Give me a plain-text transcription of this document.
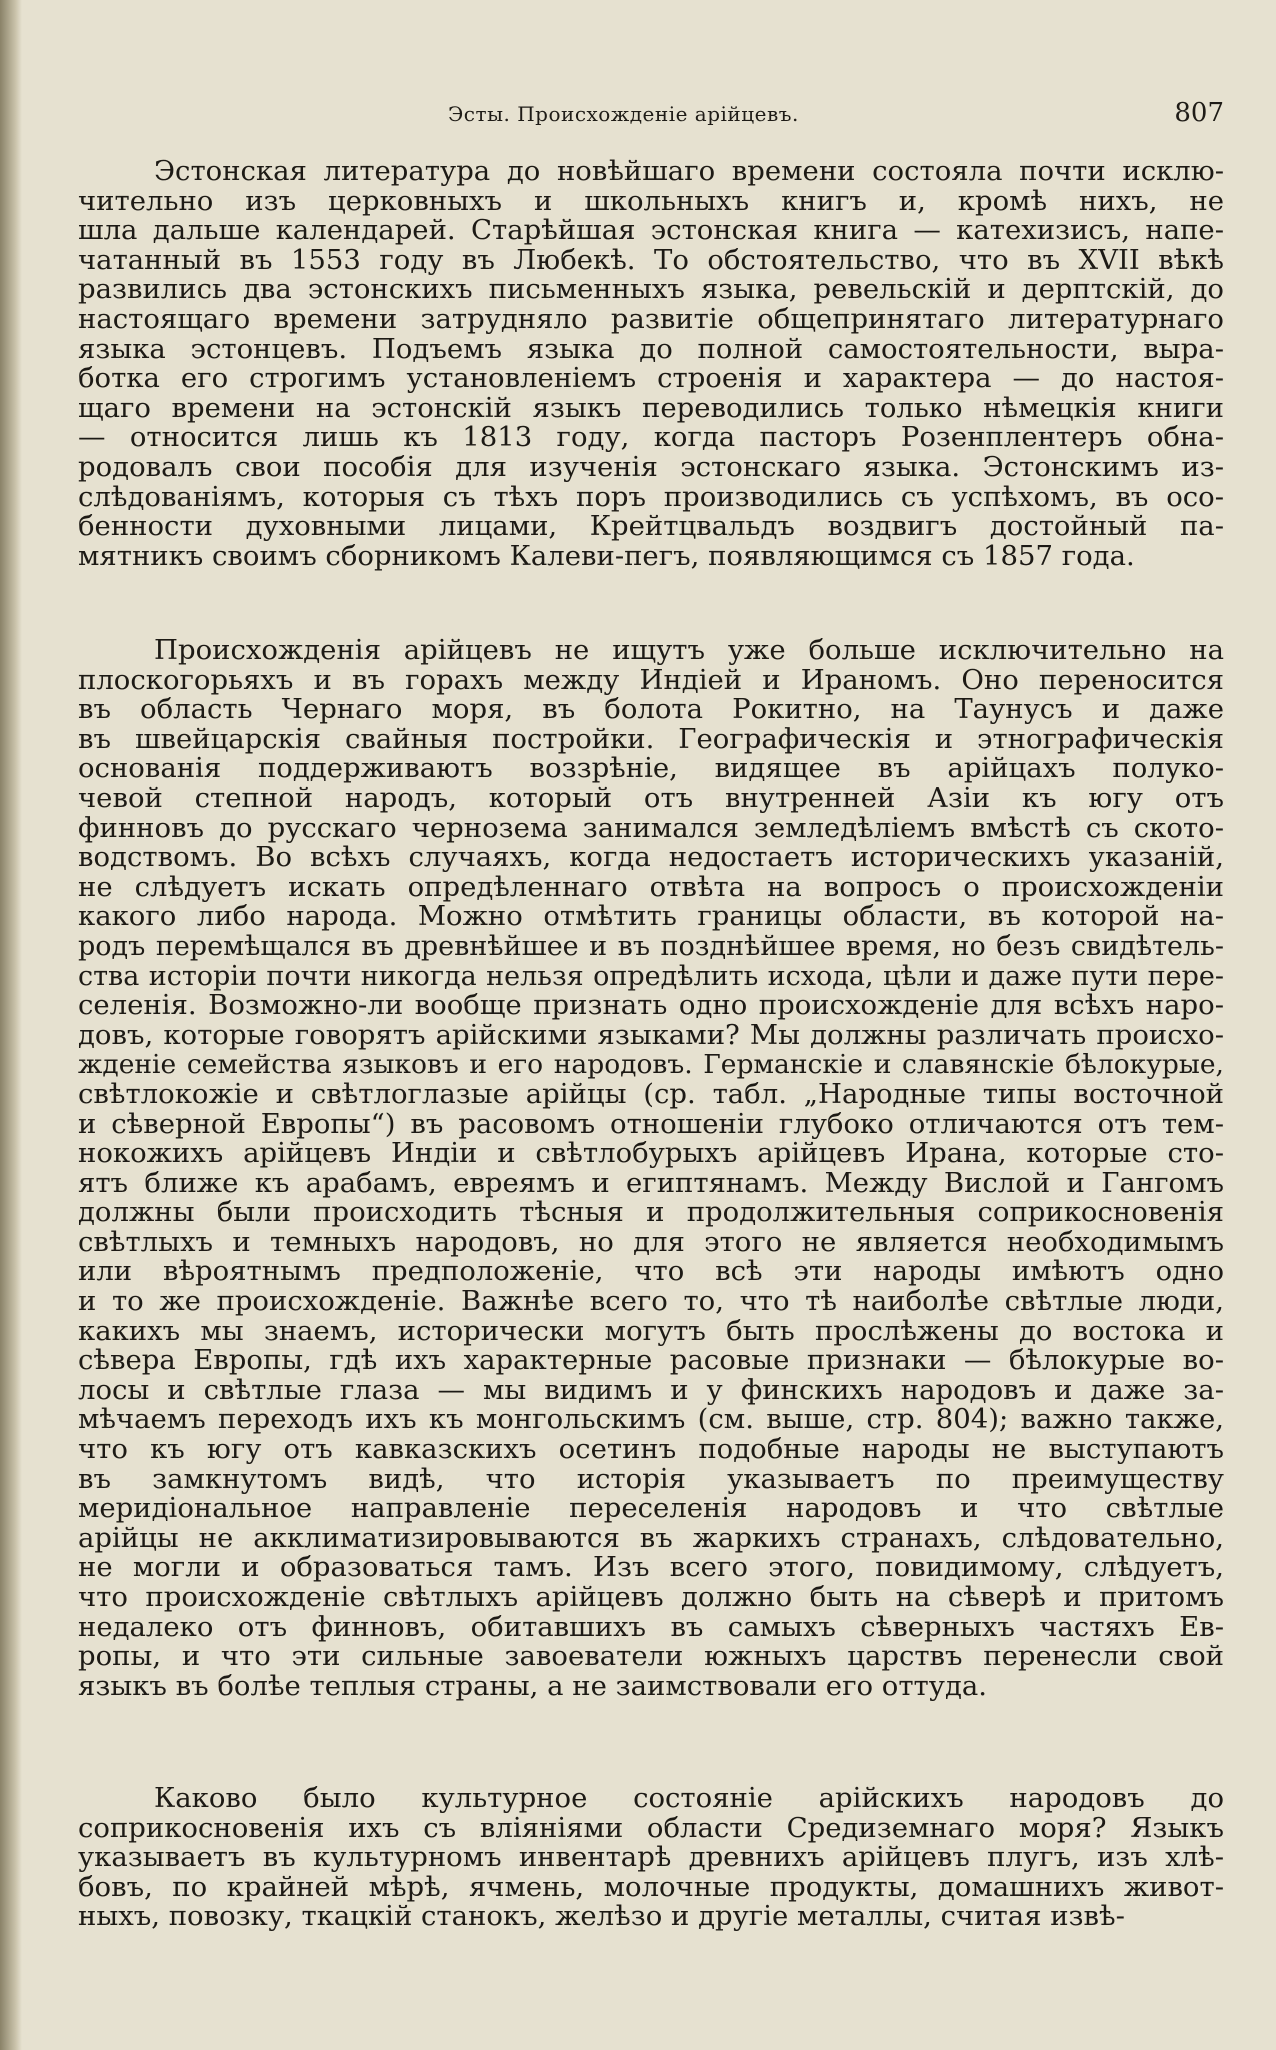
Эсты. Происхожденіе арійцевъ.	807
Эстонская литература до новѣйшаго времени состояла почти исклю-
чительно изъ церковныхъ и школьныхъ книгъ и, кромѣ нихъ, не
шла дальше календарей. Старѣйшая эстонская книга — катехизисъ, напе-
чатанный въ 1553 году въ Любекѣ. То обстоятельство, что въ XVII вѣкѣ
развились два эстонскихъ письменныхъ языка, ревельскій и дерптскій, до
настоящаго времени затрудняло развитіе общепринятаго литературнаго
языка эстонцевъ. Подъемъ языка до полной самостоятельности, выра-
ботка его строгимъ установленіемъ строенія и характера — до настоя-
щаго времени на эстонскій языкъ переводились только нѣмецкія книги
— относится лишь къ 1813 году, когда пасторъ Розенплентеръ обна-
родовалъ свои пособія для изученія эстонскаго языка. Эстонскимъ из-
слѣдованіямъ, которыя съ тѣхъ поръ производились съ успѣхомъ, въ осо-
бенности духовными лицами, Крейтцвальдъ воздвигъ достойный па-
мятникъ своимъ сборникомъ Калеви-пегъ, появляющимся съ 1857 года.
Происхожденія арійцевъ не ищутъ уже больше исключительно на
плоскогорьяхъ и въ горахъ между Индіей и Ираномъ. Оно переносится
въ область Чернаго моря, въ болота Рокитно, на Таунусъ и даже
въ швейцарскія свайныя постройки. Географическія и этнографическія
основанія поддерживаютъ воззрѣніе, видящее въ арійцахъ полуко-
чевой степной народъ, который отъ внутренней Азіи къ югу отъ
финновъ до русскаго чернозема занимался земледѣліемъ вмѣстѣ съ ското-
водствомъ. Во всѣхъ случаяхъ, когда недостаетъ историческихъ указаній,
не слѣдуетъ искать опредѣленнаго отвѣта на вопросъ о происхожденіи
какого либо народа. Можно отмѣтить границы области, въ которой на-
родъ перемѣщался въ древнѣйшее и въ позднѣйшее время, но безъ свидѣтель-
ства исторіи почти никогда нельзя опредѣлить исхода, цѣли и даже пути пере-
селенія. Возможно-ли вообще признать одно происхожденіе для всѣхъ наро-
довъ, которые говорятъ арійскими языками? Мы должны различать происхо-
жденіе семейства языковъ и его народовъ. Германскіе и славянскіе бѣлокурые,
свѣтлокожіе и свѣтлоглазые арійцы (ср. табл. „Народные типы восточной
и сѣверной Европы“) въ расовомъ отношеніи глубоко отличаются отъ тем-
нокожихъ арійцевъ Индіи и свѣтлобурыхъ арійцевъ Ирана, которые сто-
ятъ ближе къ арабамъ, евреямъ и египтянамъ. Между Вислой и Гангомъ
должны были происходить тѣсныя и продолжительныя соприкосновенія
свѣтлыхъ и темныхъ народовъ, но для этого не является необходимымъ
или вѣроятнымъ предположеніе, что всѣ эти народы имѣютъ одно
и то же происхожденіе. Важнѣе всего то, что тѣ наиболѣе свѣтлые люди,
какихъ мы знаемъ, исторически могутъ быть прослѣжены до востока и
сѣвера Европы, гдѣ ихъ характерные расовые признаки — бѣлокурые во-
лосы и свѣтлые глаза — мы видимъ и у финскихъ народовъ и даже за-
мѣчаемъ переходъ ихъ къ монгольскимъ (см. выше, стр. 804); важно также,
что къ югу отъ кавказскихъ осетинъ подобные народы не выступаютъ
въ замкнутомъ видѣ, что исторія указываетъ по преимуществу
меридіональное направленіе переселенія народовъ и что свѣтлые
арійцы не акклиматизировываются въ жаркихъ странахъ, слѣдовательно,
не могли и образоваться тамъ. Изъ всего этого, повидимому, слѣдуетъ,
что происхожденіе свѣтлыхъ арійцевъ должно быть на сѣверѣ и притомъ
недалеко отъ финновъ, обитавшихъ въ самыхъ сѣверныхъ частяхъ Ев-
ропы, и что эти сильные завоеватели южныхъ царствъ перенесли свой
языкъ въ болѣе теплыя страны, а не заимствовали его оттуда.
Каково было культурное состояніе арійскихъ народовъ до
соприкосновенія ихъ съ вліяніями области Средиземнаго моря? Языкъ
указываетъ въ культурномъ инвентарѣ древнихъ арійцевъ плугъ, изъ хлѣ-
бовъ, по крайней мѣрѣ, ячмень, молочные продукты, домашнихъ живот-
ныхъ, повозку, ткацкій станокъ, желѣзо и другіе металлы, считая извѣ-
